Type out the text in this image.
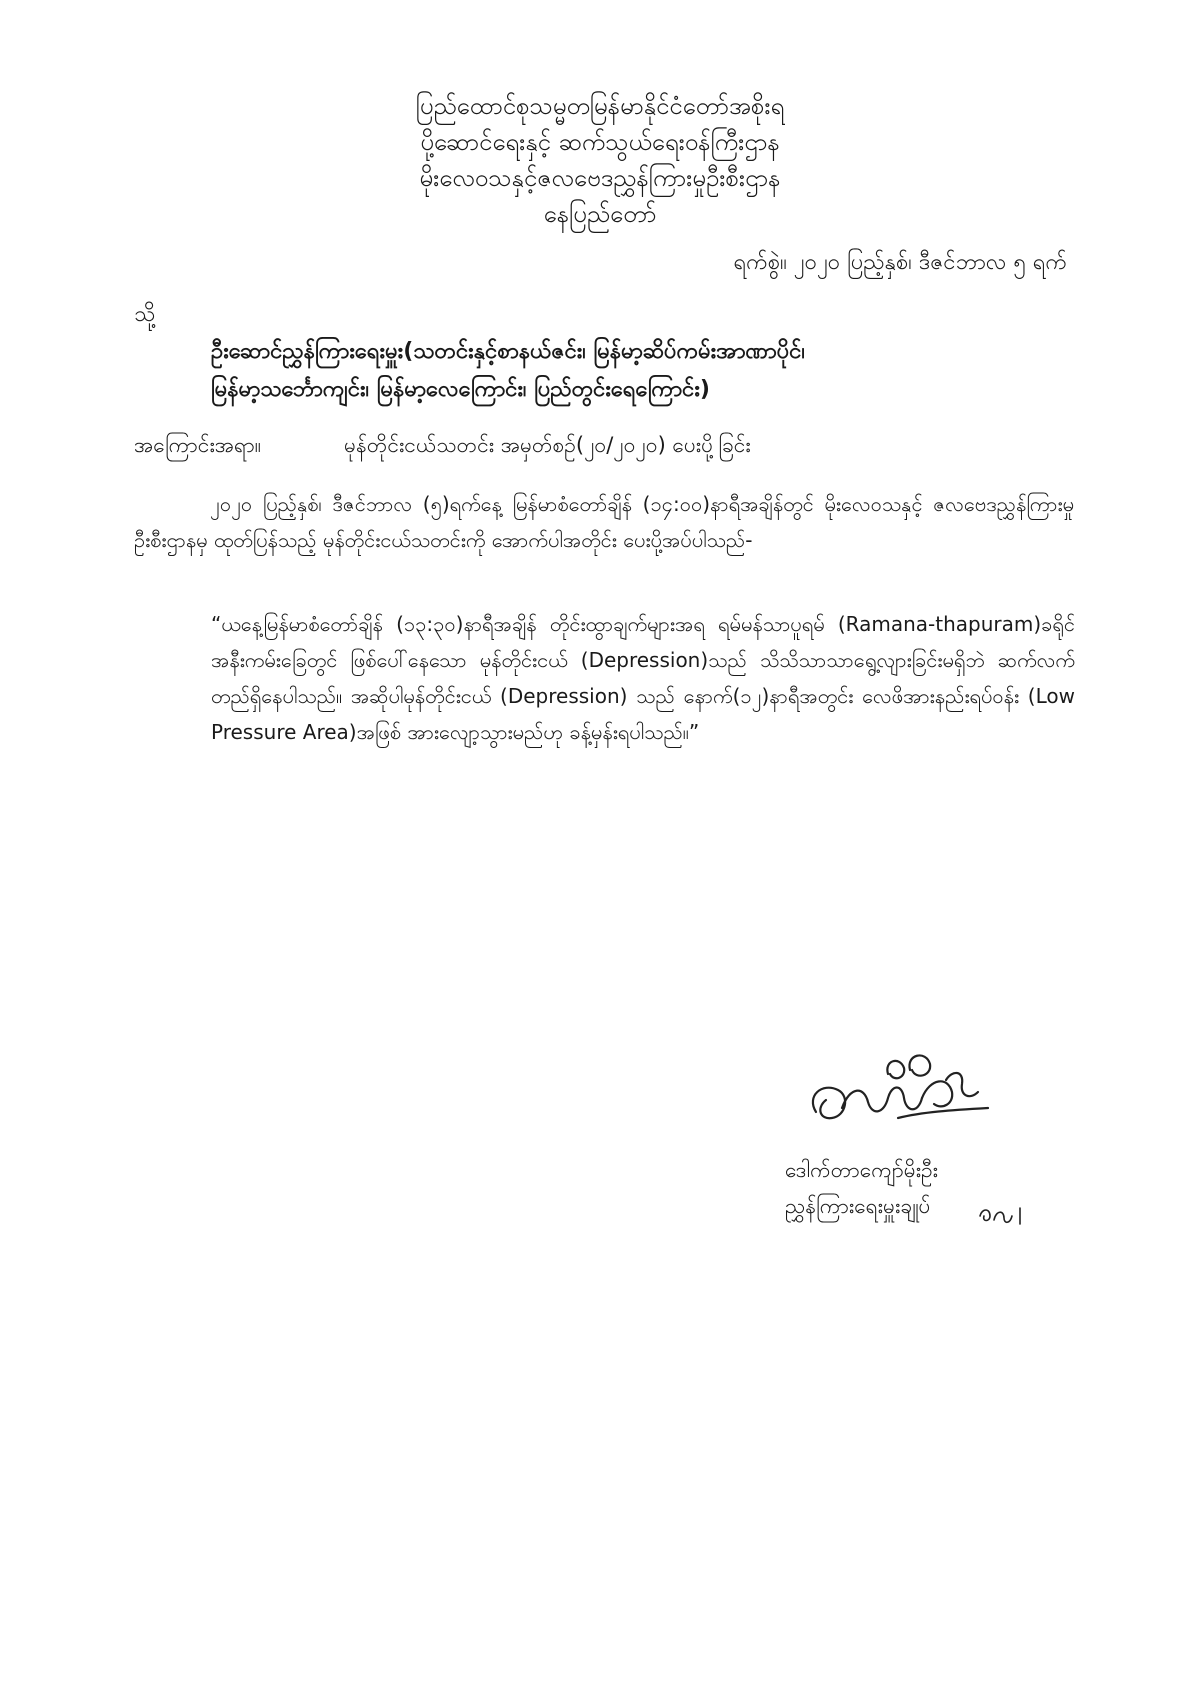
ပြည်ထောင်စုသမ္မတမြန်မာနိုင်ငံတော်အစိုးရ
ပို့ဆောင်ရေးနှင့် ဆက်သွယ်ရေးဝန်ကြီးဌာန
မိုးလေဝသနှင့်ဇလဗေဒညွှန်ကြားမှုဦးစီးဌာန
နေပြည်တော်
ရက်စွဲ။ ၂၀၂၀ ပြည့်နှစ်၊ ဒီဇင်ဘာလ ၅ ရက်
သို့
ဦးဆောင်ညွှန်ကြားရေးမှူး(သတင်းနှင့်စာနယ်ဇင်း၊ မြန်မာ့ဆိပ်ကမ်းအာဏာပိုင်၊
မြန်မာ့သင်္ဘောကျင်း၊ မြန်မာ့လေကြောင်း၊ ပြည်တွင်းရေကြောင်း)
အကြောင်းအရာ။	မုန်တိုင်းငယ်သတင်း အမှတ်စဉ်(၂၀/၂၀၂၀) ပေးပို့ခြင်း
၂၀၂၀ ပြည့်နှစ်၊ ဒီဇင်ဘာလ (၅)ရက်နေ့ မြန်မာစံတော်ချိန် (၁၄:၀၀)နာရီအချိန်တွင် မိုးလေဝသနှင့် ဇလဗေဒညွှန်ကြားမှုဦးစီးဌာနမှ ထုတ်ပြန်သည့် မုန်တိုင်းငယ်သတင်းကို အောက်ပါအတိုင်း ပေးပို့အပ်ပါသည်-
“ယနေ့မြန်မာစံတော်ချိန် (၁၃:၃၀)နာရီအချိန် တိုင်းထွာချက်များအရ ရမ်မန်သာပူရမ် (Ramana-thapuram)ခရိုင်အနီးကမ်းခြေတွင် ဖြစ်ပေါ်နေသော မုန်တိုင်းငယ် (Depression)သည် သိသိသာသာရွေ့လျားခြင်းမရှိဘဲ ဆက်လက်တည်ရှိနေပါသည်။ အဆိုပါမုန်တိုင်းငယ် (Depression) သည် နောက်(၁၂)နာရီအတွင်း လေဖိအားနည်းရပ်ဝန်း (Low Pressure Area)အဖြစ် အားလျော့သွားမည်ဟု ခန့်မှန်းရပါသည်။”
ဒေါက်တာကျော်မိုးဦး
ညွှန်ကြားရေးမှူးချုပ်
